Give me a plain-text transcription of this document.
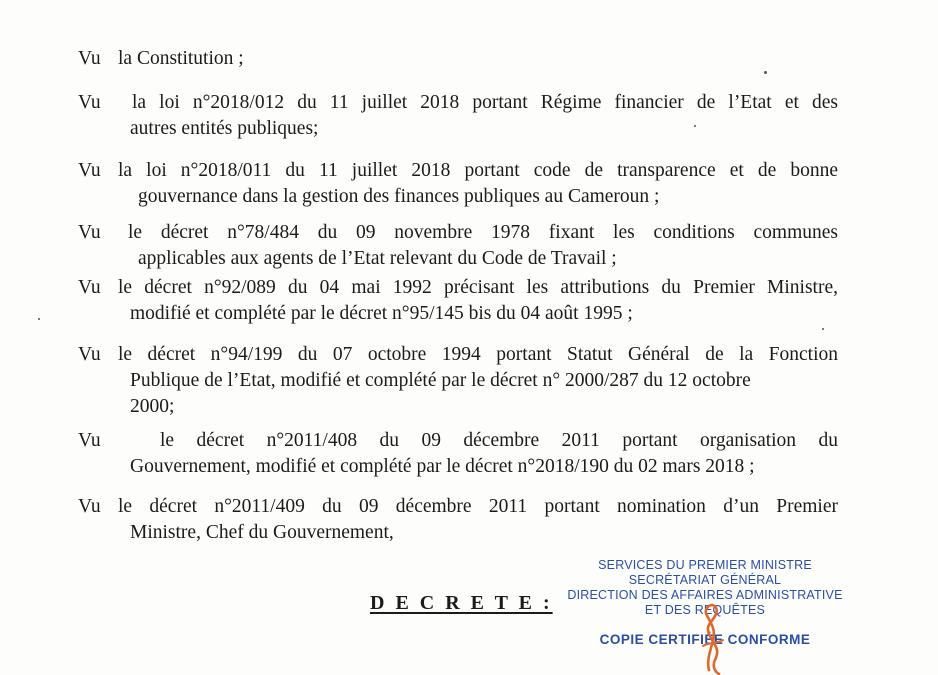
Vu la Constitution ;
Vu	la loi n°2018/012 du 11 juillet 2018 portant Régime financier de l’Etat et des
autres entités publiques;
Vu la loi n°2018/011 du 11 juillet 2018 portant code de transparence et de bonne
gouvernance dans la gestion des finances publiques au Cameroun ;
Vu	le décret n°78/484 du 09 novembre 1978 fixant les conditions communes
applicables aux agents de l’Etat relevant du Code de Travail ;
Vu le décret n°92/089 du 04 mai 1992 précisant les attributions du Premier Ministre,
modifié et complété par le décret n°95/145 bis du 04 août 1995 ;
Vu le décret n°94/199 du 07 octobre 1994 portant Statut Général de la Fonction
Publique de l’Etat, modifié et complété par le décret n° 2000/287 du 12 octobre
2000;
Vu	le décret n°2011/408 du 09 décembre 2011 portant organisation du
Gouvernement, modifié et complété par le décret n°2018/190 du 02 mars 2018 ;
Vu le décret n°2011/409 du 09 décembre 2011 portant nomination d’un Premier
Ministre, Chef du Gouvernement,
D E C R E T E :
SERVICES DU PREMIER MINISTRE
SECRÉTARIAT GÉNÉRAL
DIRECTION DES AFFAIRES ADMINISTRATIVE
ET DES REQUÊTES
COPIE CERTIFIÉE CONFORME
